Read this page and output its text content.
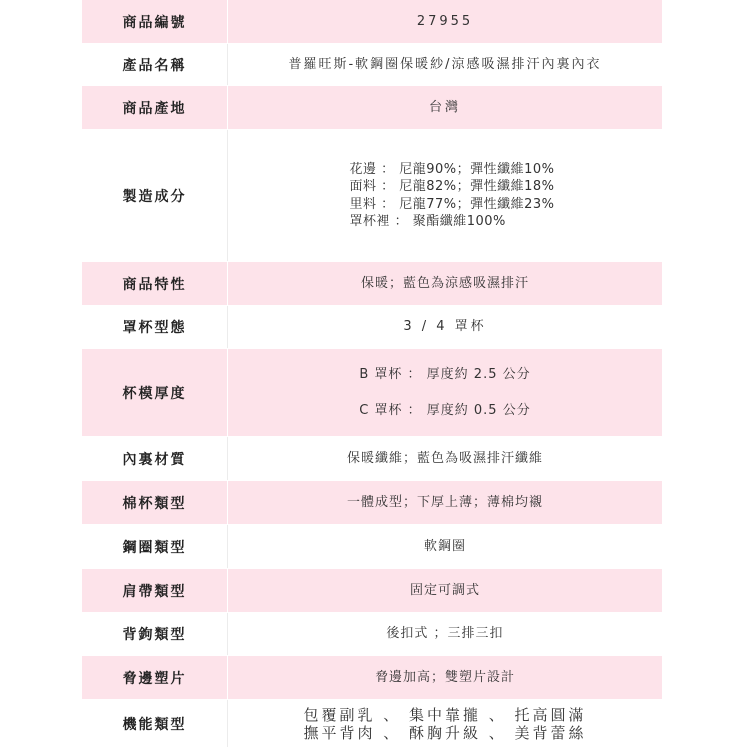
商品編號	27955
產品名稱	普羅旺斯-軟鋼圈保暖紗/涼感吸濕排汗內裏內衣
商品產地	台灣
製造成分
花邊 ： 尼龍90%；彈性纖維10%
面料 ： 尼龍82%；彈性纖維18%
里料 ： 尼龍77%；彈性纖維23%
罩杯裡 ： 聚酯纖維100%
商品特性	保暖；藍色為涼感吸濕排汗
罩杯型態	3 / 4 罩杯
杯模厚度
B 罩杯 ： 厚度約 2.5 公分
C 罩杯 ： 厚度約 0.5 公分
內裏材質	保暖纖維；藍色為吸濕排汗纖維
棉杯類型	一體成型；下厚上薄；薄棉均襯
鋼圈類型	軟鋼圈
肩帶類型	固定可調式
背鉤類型	後扣式 ；三排三扣
脅邊塑片	脅邊加高；雙塑片設計
機能類型
包覆副乳 、 集中靠攏 、 托高圓滿
撫平背肉 、 酥胸升級 、 美背蕾絲
